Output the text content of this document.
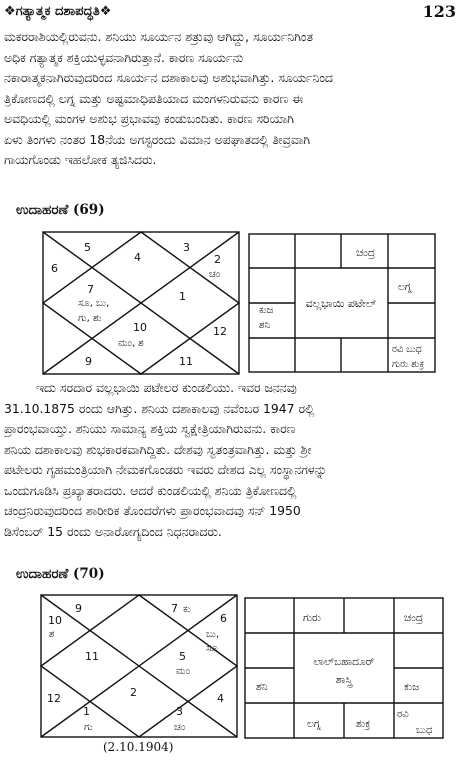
❖ಗತ್ಯಾತ್ಮಕ ದಶಾಪದ್ಧತಿ❖	123
ಮಕರರಾಶಿಯಲ್ಲಿರುವನು. ಶನಿಯು ಸೂರ್ಯನ ಶತ್ರುವು ಆಗಿದ್ದು, ಸೂರ್ಯನಿಗಿಂತ
ಅಧಿಕ ಗತ್ಯಾತ್ಮಕ ಶಕ್ತಿಯುಳ್ಳವನಾಗಿರುತ್ತಾನೆ. ಕಾರಣ ಸೂರ್ಯನು
ನಕಾರಾತ್ಮಕನಾಗಿರುವುದರಿಂದ ಸೂರ್ಯನ ದಶಾಕಾಲವು ಅಶುಭವಾಗಿತ್ತು. ಸೂರ್ಯನಿಂದ
ತ್ರಿಕೋಣದಲ್ಲಿ ಲಗ್ನ ಮತ್ತು ಅಷ್ಟಮಾಧಿಪತಿಯಾದ ಮಂಗಳನಿರುವನು ಕಾರಣ ಈ
ಅವಧಿಯಲ್ಲಿ ಮಂಗಳ ಅಶುಭ ಪ್ರಭಾವವು ಕಂಡುಬಂದಿತು. ಕಾರಣ ಸರಿಯಾಗಿ
ಏಳು ತಿಂಗಳು ನಂತರ 18ನೆಯ ಅಗಸ್ಟರಂದು ವಿಮಾನ ಅಪಘಾತದಲ್ಲಿ ತೀವ್ರವಾಗಿ
ಗಾಯಗೊಂಡು ಇಹಲೋಕ ತ್ಯಜಿಸಿದರು.
ಉದಾಹರಣೆ (69)
5
4
3
6
2
1
7
10	12
9	11
ಚಂ
ಸೂ, ಬು,
ಗು, ಶು
ಮಂ, ಶ
ಚಂದ್ರ
ಲಗ್ನ
ವಲ್ಲಭಾಯಿ ಪಟೇಲ್
ಕುಜ
ಶನಿ
ರವಿ ಬುಧ
ಗುರು ಶುಕ್ರ
ಇದು ಸರದಾರ ವಲ್ಲಭಾಯಿ ಪಟೇಲರ ಕುಂಡಲಿಯು. ಇವರ ಜನನವು
31.10.1875 ರಂದು ಆಗಿತ್ತು. ಶನಿಯ ದಶಾಕಾಲವು ನವೆಂಬರ 1947 ರಲ್ಲಿ
ಪ್ರಾರಂಭವಾಯ್ತು. ಶನಿಯು ಸಾಮಾನ್ಯ ಶಕ್ತಿಯ ಸ್ವಕ್ಷೇತ್ರಿಯಾಗಿರುವನು. ಕಾರಣ
ಶನಿಯ ದಶಾಕಾಲವು ಶುಭಕಾರಕವಾಗಿದ್ದಿತು. ದೇಶವು ಸ್ವತಂತ್ರವಾಗಿತ್ತು. ಮತ್ತು ಶ್ರೀ
ಪಟೇಲರು ಗೃಹಮಂತ್ರಿಯಾಗಿ ನೇಮಕಗೊಂಡರು ಇವರು ದೇಶದ ಎಲ್ಲ ಸಂಸ್ಥಾನಗಳನ್ನು
ಒಂದುಗೂಡಿಸಿ ಪ್ರಖ್ಯಾತರಾದರು. ಆದರೆ ಕುಂಡಲಿಯಲ್ಲಿ ಶನಿಯ ತ್ರಿಕೋಣದಲ್ಲಿ
ಚಂದ್ರನಿರುವುದರಿಂದ ಶಾರೀರಿಕ ತೊಂದರೆಗಳು ಪ್ರಾರಂಭವಾದವು ಸನ್ 1950
ಡಿಸೆಂಬರ್ 15 ರಂದು ಅನಾರೋಗ್ಯದಿಂದ ನಿಧನರಾದರು.
ಉದಾಹರಣೆ (70)
9	7
10	6
11	5
2
12	4
1	3
ಕು
ಶ	ಬು,
ಸೂ
ಮಂ
ಗು	ಚಂ
ಗುರು	ಚಂದ್ರ
ಲಾಲ್‌ಬಹಾದೂರ್
ಶಾಸ್ತ್ರಿ
ಶನಿ	ಕುಜ
ಲಗ್ನ	ಶುಕ್ರ
ರವಿ
ಬುಧ
(2.10.1904)
